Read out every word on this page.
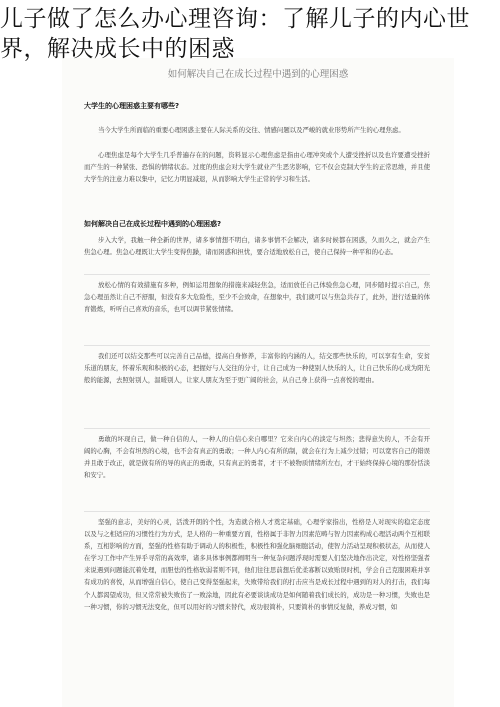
儿子做了怎么办心理咨询：了解儿子的内心世界，解决成长中的困惑
如何解决自己在成长过程中遇到的心理困惑
大学生的心理困惑主要有哪些?
当今大学生所面临的重要心理困惑主要在人际关系的交往、情感问题以及严峻的就业形势所产生的心理焦虑。
心理焦虑是每个大学生几乎普遍存在的问题，资料显示心理焦虑是指由心理冲突或个人遭受挫折以及也许要遭受挫折而产生的一种紧张、恐惧的情绪状态。过度的焦虑会对大学生就业产生恶劣影响，它不仅会克制大学生的正常思维，并且使大学生的注意力难以集中，记忆力明显减退，从而影响大学生正常的学习和生活。
如何解决自己在成长过程中遇到的心理困惑?
步入大学，我触一种全新的世界，诸多事情想不明白，诸多事情不会解决，诸多时候都在困惑，久而久之，就会产生焦急心理。焦急心理既让大学生变得焦躁，诸而困惑和担忧，要合适地放松自己，使自己保持一种平和的心态。
放松心情的有效措施有多种，例如运用想象的措施来减轻焦急，适而放任自己体验焦急心理，同步随时提示自己，焦急心理虽然让自己不舒服，但没有多大危险性，至少不会致命，在想象中，我们就可以与焦急共存了，此外，进行适量的体育锻炼，听听自己喜欢的音乐，也可以调节紧张情绪。
我们还可以结交那些可以完善自己品德，提高自身修养，丰富你的内涵的人，结交那些快乐的，可以享有生命，安贫乐道的朋友，怀着乐观和积极的心态，把握好与人交往的分寸，让自己成为一种使别人快乐的人，让自己快乐的心成为阳光般的能源，去照射别人，温暖别人，让家人朋友为至于更广阔的社会，从自己身上获得一点喜悦的理由。
勇敢的坏现自己，做一种自信的人，一种人的自信心来自哪里？它来自内心的淡定与坦然；悲得意失的人，不会有开阔的心胸，不会有坦然的心境，也不会有真正的勇敢；一种人内心有所的制，就会在行为上减少过错；可以宽容自己的错误并且敢于改正，就是做有所的导的真正的勇敢，只有真正的勇者，才干不被物质情绪所左右，才干始终保持心境的那份恬淡和安宁。
坚强的意志，美好的心灵，活泼开朗的个性，为造就合格人才奠定基础，心理学家指出，性格是人对现实的稳定态度以及与之相适应的习惯性行为方式，是人格的一种重要方面，性格属于非智力因素范畴与智力因素构成心理活动两个互相联系，互相影响的方面，坚强的性格有助于调动人的积极性，积极性和强化脑细胞活动，使智力活动呈现积极状态，从而使人在学习工作中产生异乎寻常的高效率，诸多具体事例都阐明当一种复杂问题浮现时需要人们坚决地作出决定，对性格坚强者来说遇到问题能沉着处理，而胆怯的性格软弱者则不同，他们往往思前想后优柔寡断以致贻误时机，学会自己克服困难并享有成功的喜悦，从而增强自信心，使自己变得坚强起来，失败带给我们的打击应当是成长过程中遇到的对人的打击，我们每个人都渴望成功，但又常常被失败伤了一败涂地，因此有必要谈谈成功是如何随着我们成长的，成功是一种习惯，失败也是一种习惯，你的习惯无法变化，但可以用好的习惯来替代，成功很简朴，只要简朴的事情反复做，养成习惯，如
